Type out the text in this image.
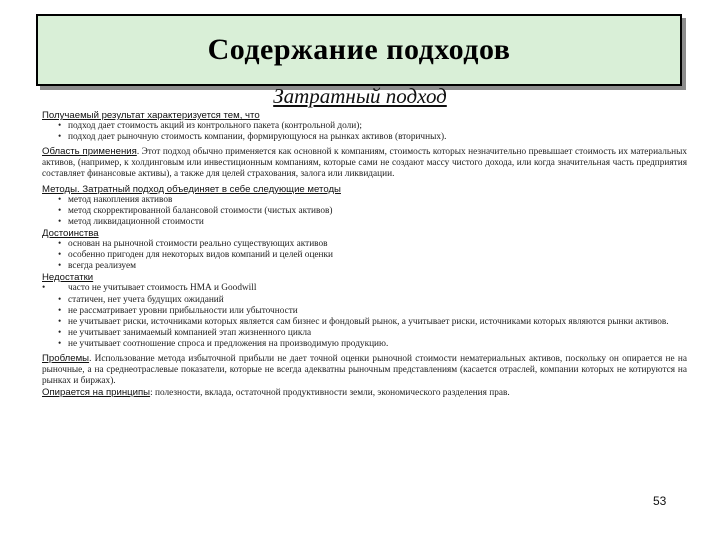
Содержание подходов
Затратный подход
Получаемый результат характеризуется тем, что
• подход дает стоимость акций из контрольного пакета (контрольной доли);
• подход дает рыночную стоимость компании, формирующуюся на рынках активов (вторичных).
Область применения. Этот подход обычно применяется как основной к компаниям, стоимость которых незначительно превышает стоимость их материальных активов, (например, к холдинговым или инвестиционным компаниям, которые сами не создают массу чистого дохода, или когда значительная часть предприятия составляет финансовые активы), а также для целей страхования, залога или ликвидации.
Методы. Затратный подход объединяет в себе следующие методы
• метод накопления активов
• метод скорректированной балансовой стоимости (чистых активов)
• метод ликвидационной стоимости
Достоинства
• основан на рыночной стоимости реально существующих активов
• особенно пригоден для некоторых видов компаний и целей оценки
• всегда реализуем
Недостатки
• часто не учитывает стоимость НМА и Goodwill
• статичен, нет учета будущих ожиданий
• не рассматривает уровни прибыльности или убыточности
• не учитывает риски, источниками которых является сам бизнес и фондовый рынок, а учитывает риски, источниками которых являются рынки активов.
• не учитывает занимаемый компанией этап жизненного цикла
• не учитывает соотношение спроса и предложения на производимую продукцию.
Проблемы. Использование метода избыточной прибыли не дает точной оценки рыночной стоимости нематериальных активов, поскольку он опирается не на рыночные, а на среднеотраслевые показатели, которые не всегда адекватны рыночным представлениям (касается отраслей, компании которых не котируются на рынках и биржах).
Опирается на принципы: полезности, вклада, остаточной продуктивности земли, экономического разделения прав.
53
